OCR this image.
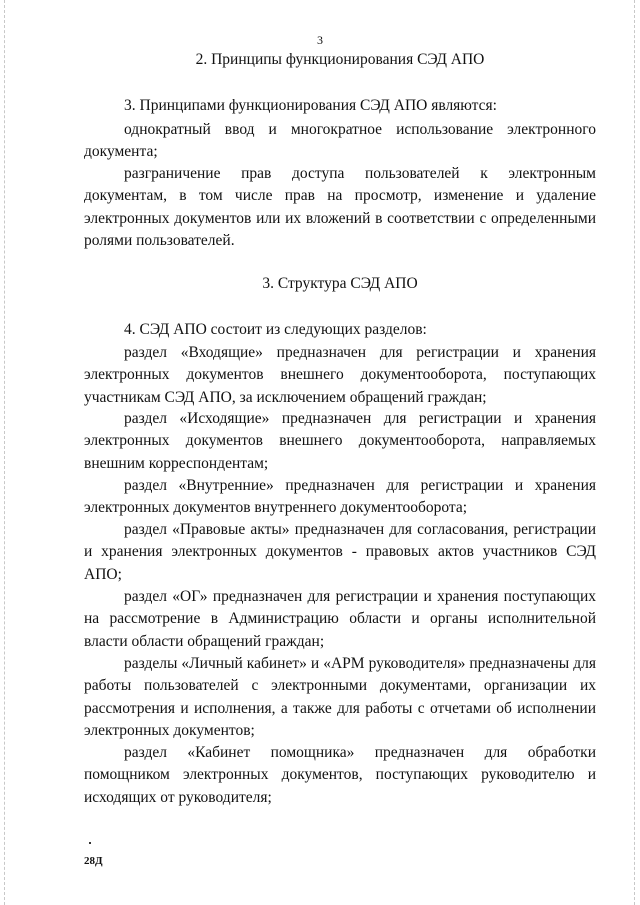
3
2. Принципы функционирования СЭД АПО
3. Принципами функционирования СЭД АПО являются:
однократный ввод и многократное использование электронного документа;
разграничение прав доступа пользователей к электронным документам, в том числе прав на просмотр, изменение и удаление электронных документов или их вложений в соответствии с определенными ролями пользователей.
3. Структура СЭД АПО
4. СЭД АПО состоит из следующих разделов:
раздел «Входящие» предназначен для регистрации и хранения электронных документов внешнего документооборота, поступающих участникам СЭД АПО, за исключением обращений граждан;
раздел «Исходящие» предназначен для регистрации и хранения электронных документов внешнего документооборота, направляемых внешним корреспондентам;
раздел «Внутренние» предназначен для регистрации и хранения электронных документов внутреннего документооборота;
раздел «Правовые акты» предназначен для согласования, регистрации и хранения электронных документов - правовых актов участников СЭД АПО;
раздел «ОГ» предназначен для регистрации и хранения поступающих на рассмотрение в Администрацию области и органы исполнительной власти области обращений граждан;
разделы «Личный кабинет» и «АРМ руководителя» предназначены для работы пользователей с электронными документами, организации их рассмотрения и исполнения, а также для работы с отчетами об исполнении электронных документов;
раздел «Кабинет помощника» предназначен для обработки помощником электронных документов, поступающих руководителю и исходящих от руководителя;
28Д
